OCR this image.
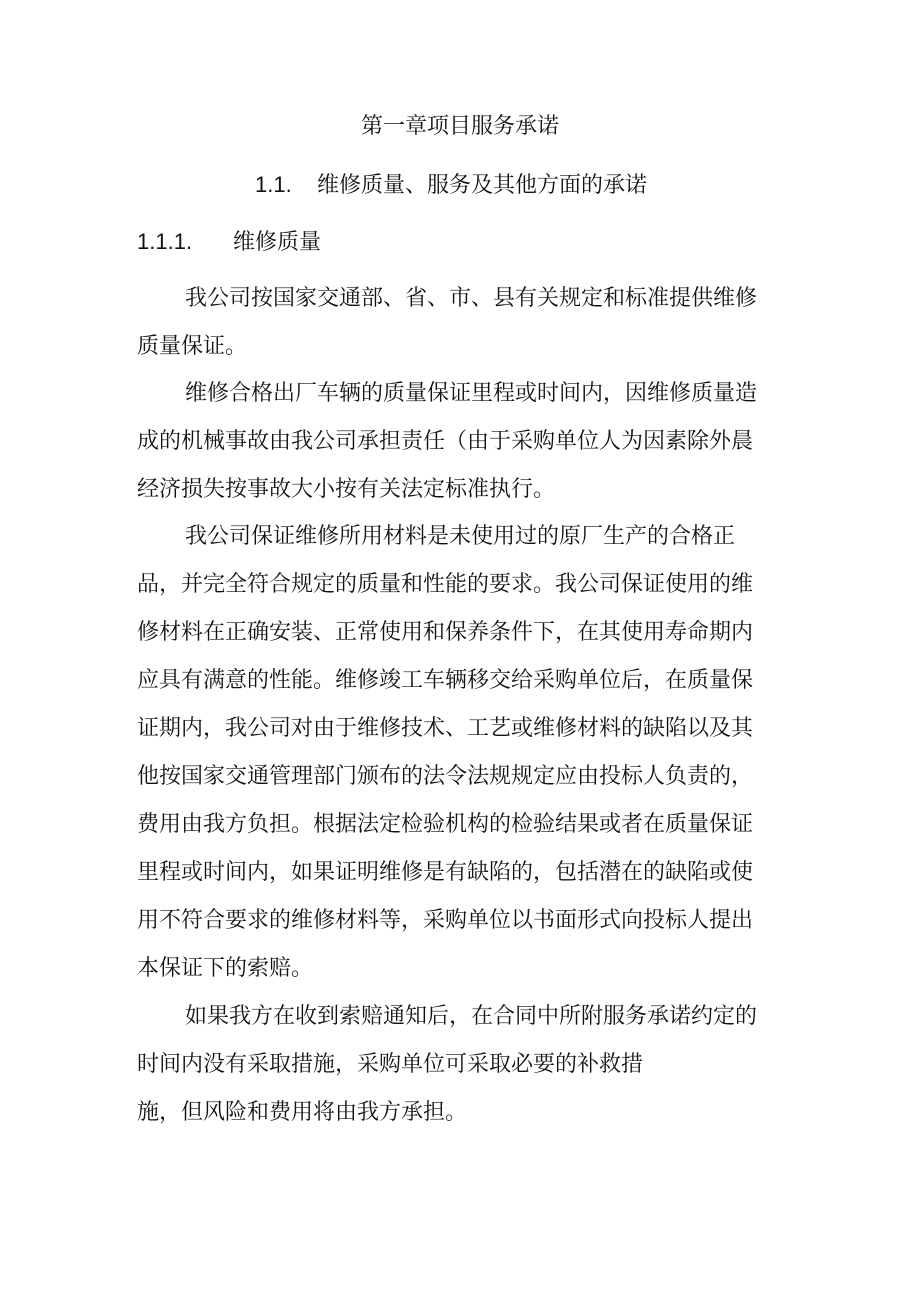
第一章项目服务承诺
1.1. 维修质量、服务及其他方面的承诺
1.1.1. 维修质量
我公司按国家交通部、省、市、县有关规定和标准提供维修
质量保证。
维修合格出厂车辆的质量保证里程或时间内，因维修质量造
成的机械事故由我公司承担责任（由于采购单位人为因素除外晨
经济损失按事故大小按有关法定标准执行。
我公司保证维修所用材料是未使用过的原厂生产的合格正
品，并完全符合规定的质量和性能的要求。我公司保证使用的维
修材料在正确安装、正常使用和保养条件下，在其使用寿命期内
应具有满意的性能。维修竣工车辆移交给采购单位后，在质量保
证期内，我公司对由于维修技术、工艺或维修材料的缺陷以及其
他按国家交通管理部门颁布的法令法规规定应由投标人负责的，
费用由我方负担。根据法定检验机构的检验结果或者在质量保证
里程或时间内，如果证明维修是有缺陷的，包括潜在的缺陷或使
用不符合要求的维修材料等，采购单位以书面形式向投标人提出
本保证下的索赔。
如果我方在收到索赔通知后，在合同中所附服务承诺约定的
时间内没有采取措施，采购单位可采取必要的补救措
施，但风险和费用将由我方承担。
